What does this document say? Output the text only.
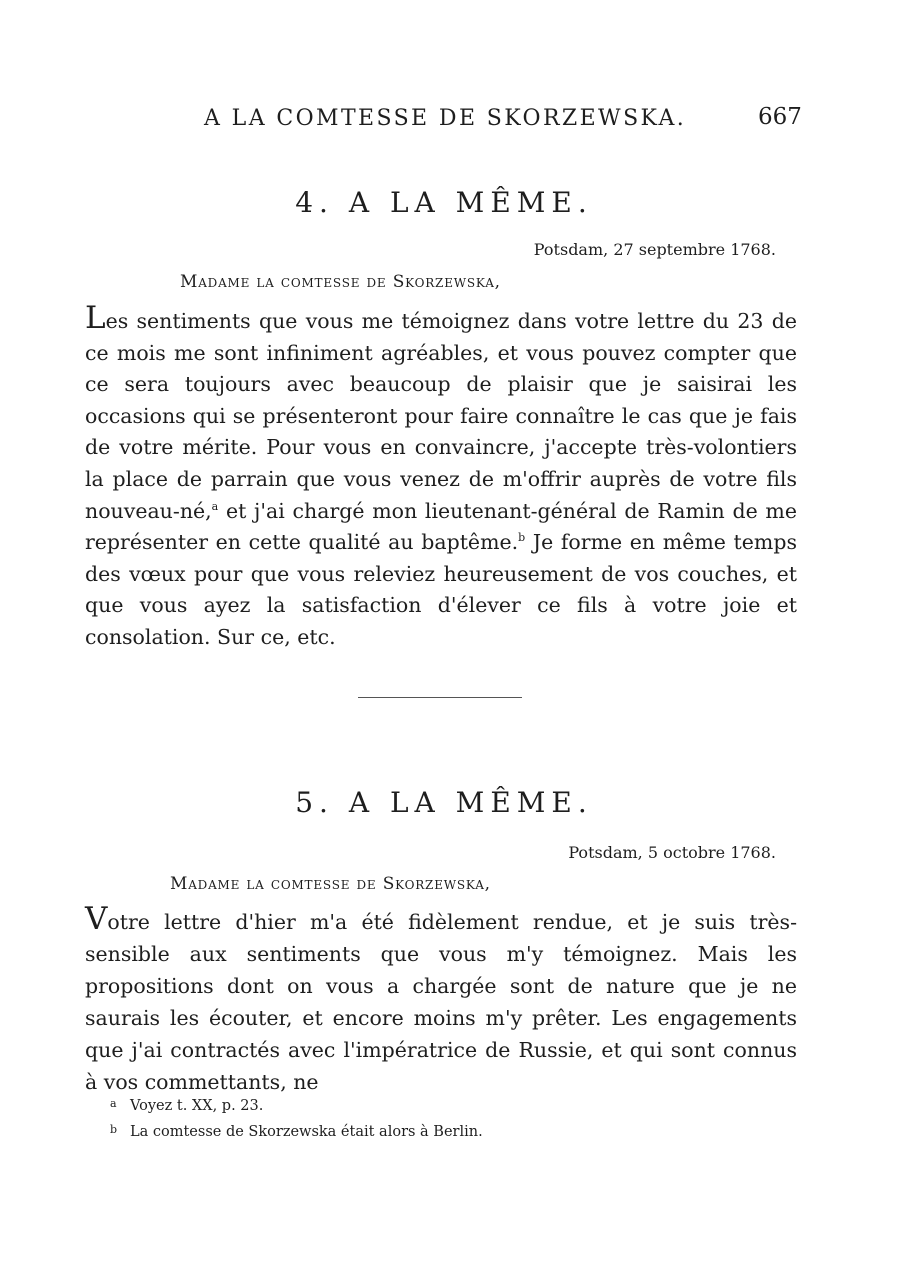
A LA COMTESSE DE SKORZEWSKA.	667
4. A LA MÊME.
Potsdam, 27 septembre 1768.
Madame la comtesse de Skorzewska,
Les sentiments que vous me témoignez dans votre lettre du 23 de ce mois me sont infiniment agréables, et vous pouvez compter que ce sera toujours avec beaucoup de plaisir que je saisirai les occasions qui se présenteront pour faire connaître le cas que je fais de votre mérite. Pour vous en convaincre, j'accepte très-volontiers la place de parrain que vous venez de m'offrir auprès de votre fils nouveau-né,$^a$ et j'ai chargé mon lieutenant-général de Ramin de me représenter en cette qualité au baptême.$^b$ Je forme en même temps des vœux pour que vous releviez heureusement de vos couches, et que vous ayez la satisfaction d'élever ce fils à votre joie et consolation. Sur ce, etc.
5. A LA MÊME.
Potsdam, 5 octobre 1768.
Madame la comtesse de Skorzewska,
Votre lettre d'hier m'a été fidèlement rendue, et je suis très-sensible aux sentiments que vous m'y témoignez. Mais les propositions dont on vous a chargée sont de nature que je ne saurais les écouter, et encore moins m'y prêter. Les engagements que j'ai contractés avec l'impératrice de Russie, et qui sont connus à vos commettants, ne
a Voyez t. XX, p. 23.
b La comtesse de Skorzewska était alors à Berlin.
